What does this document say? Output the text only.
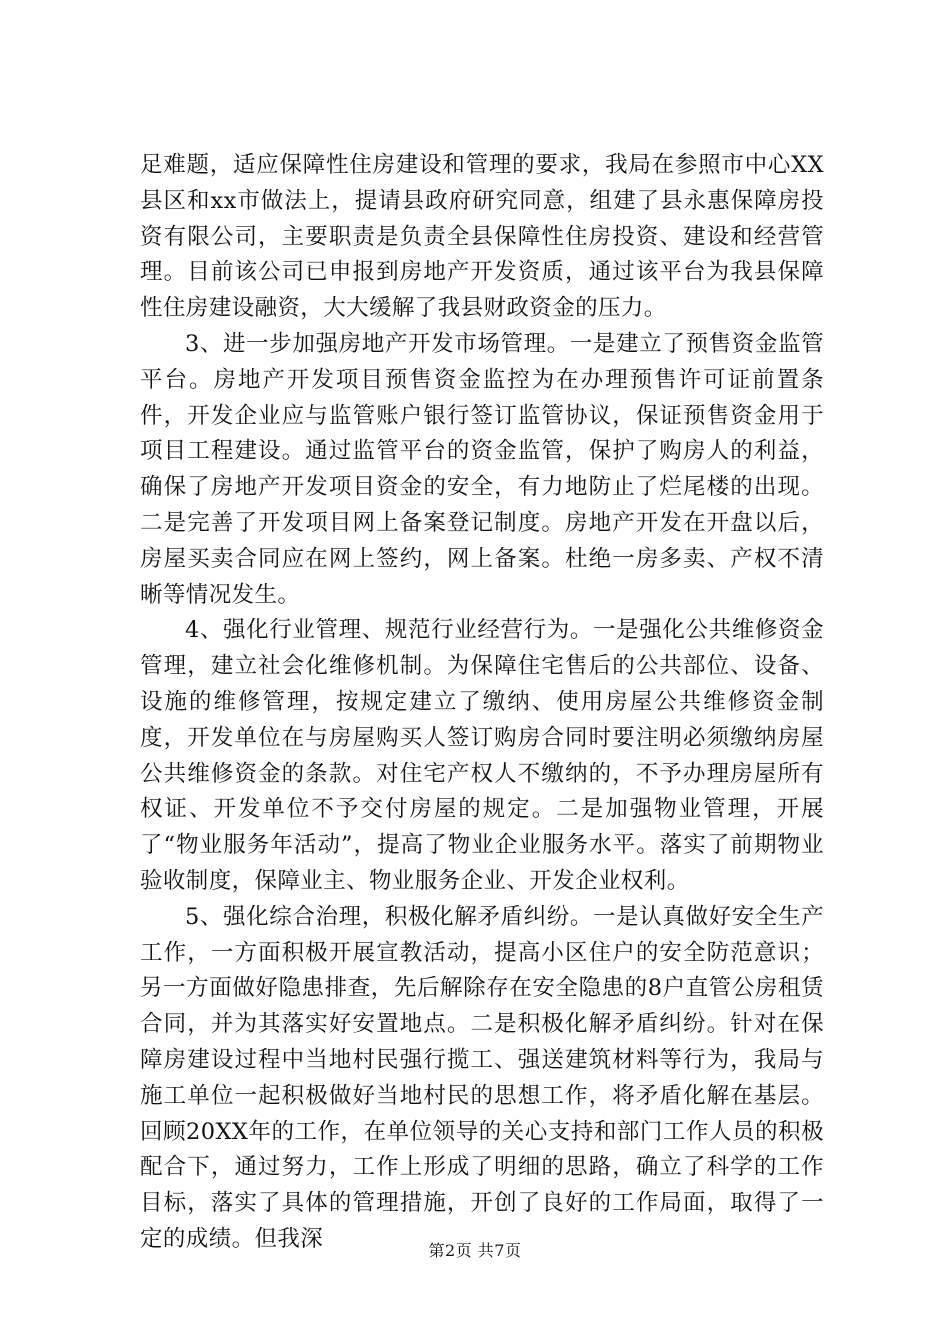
足难题，适应保障性住房建设和管理的要求，我局在参照市中心XX县区和xx市做法上，提请县政府研究同意，组建了县永惠保障房投资有限公司，主要职责是负责全县保障性住房投资、建设和经营管理。目前该公司已申报到房地产开发资质，通过该平台为我县保障性住房建设融资，大大缓解了我县财政资金的压力。

3、进一步加强房地产开发市场管理。一是建立了预售资金监管平台。房地产开发项目预售资金监控为在办理预售许可证前置条件，开发企业应与监管账户银行签订监管协议，保证预售资金用于项目工程建设。通过监管平台的资金监管，保护了购房人的利益，确保了房地产开发项目资金的安全，有力地防止了烂尾楼的出现。二是完善了开发项目网上备案登记制度。房地产开发在开盘以后，房屋买卖合同应在网上签约，网上备案。杜绝一房多卖、产权不清晰等情况发生。

4、强化行业管理、规范行业经营行为。一是强化公共维修资金管理，建立社会化维修机制。为保障住宅售后的公共部位、设备、设施的维修管理，按规定建立了缴纳、使用房屋公共维修资金制度，开发单位在与房屋购买人签订购房合同时要注明必须缴纳房屋公共维修资金的条款。对住宅产权人不缴纳的，不予办理房屋所有权证、开发单位不予交付房屋的规定。二是加强物业管理，开展了“物业服务年活动”，提高了物业企业服务水平。落实了前期物业验收制度，保障业主、物业服务企业、开发企业权利。

5、强化综合治理，积极化解矛盾纠纷。一是认真做好安全生产工作，一方面积极开展宣教活动，提高小区住户的安全防范意识；另一方面做好隐患排查，先后解除存在安全隐患的8户直管公房租赁合同，并为其落实好安置地点。二是积极化解矛盾纠纷。针对在保障房建设过程中当地村民强行揽工、强送建筑材料等行为，我局与施工单位一起积极做好当地村民的思想工作，将矛盾化解在基层。回顾20XX年的工作，在单位领导的关心支持和部门工作人员的积极配合下，通过努力，工作上形成了明细的思路，确立了科学的工作目标，落实了具体的管理措施，开创了良好的工作局面，取得了一定的成绩。但我深	第2页 共7页
